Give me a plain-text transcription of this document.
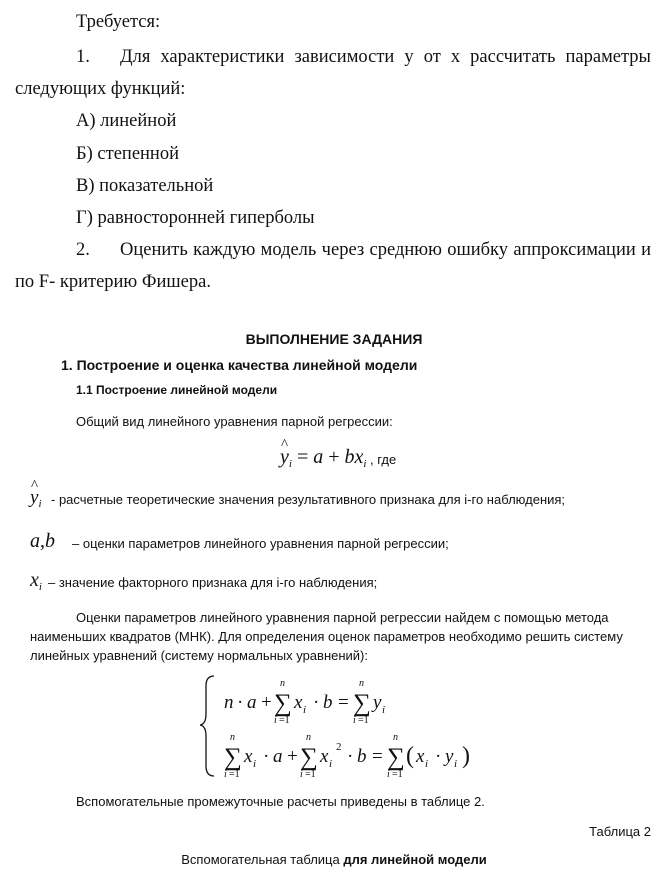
Требуется:
1. Для характеристики зависимости у от х рассчитать параметры
следующих функций:
А) линейной
Б) степенной
В) показательной
Г) равносторонней гиперболы
2. Оценить каждую модель через среднюю ошибку аппроксимации и
по F- критерию Фишера.
ВЫПОЛНЕНИЕ ЗАДАНИЯ
1. Построение и оценка качества линейной модели
1.1 Построение линейной модели
Общий вид линейного уравнения парной регрессии:
^ $y_i = a + bx_i$ , где
^ $y_i$ - расчетные теоретические значения результативного признака для i-го наблюдения;
a,b – оценки параметров линейного уравнения парной регрессии;
$x_i$ – значение факторного признака для i-го наблюдения;
Оценки параметров линейного уравнения парной регрессии найдем с помощью метода
наименьших квадратов (МНК). Для определения оценок параметров необходимо решить систему
линейных уравнений (систему нормальных уравнений):
n · a +
n
∑
i =1
x i · b =
n
∑
i =1
y i
n
∑
i =1
x i · a +
n
∑
i =1
x i
2 · b =
n
∑
i =1
( x i · y i )
Вспомогательные промежуточные расчеты приведены в таблице 2.
Таблица 2
Вспомогательная таблица для линейной модели
